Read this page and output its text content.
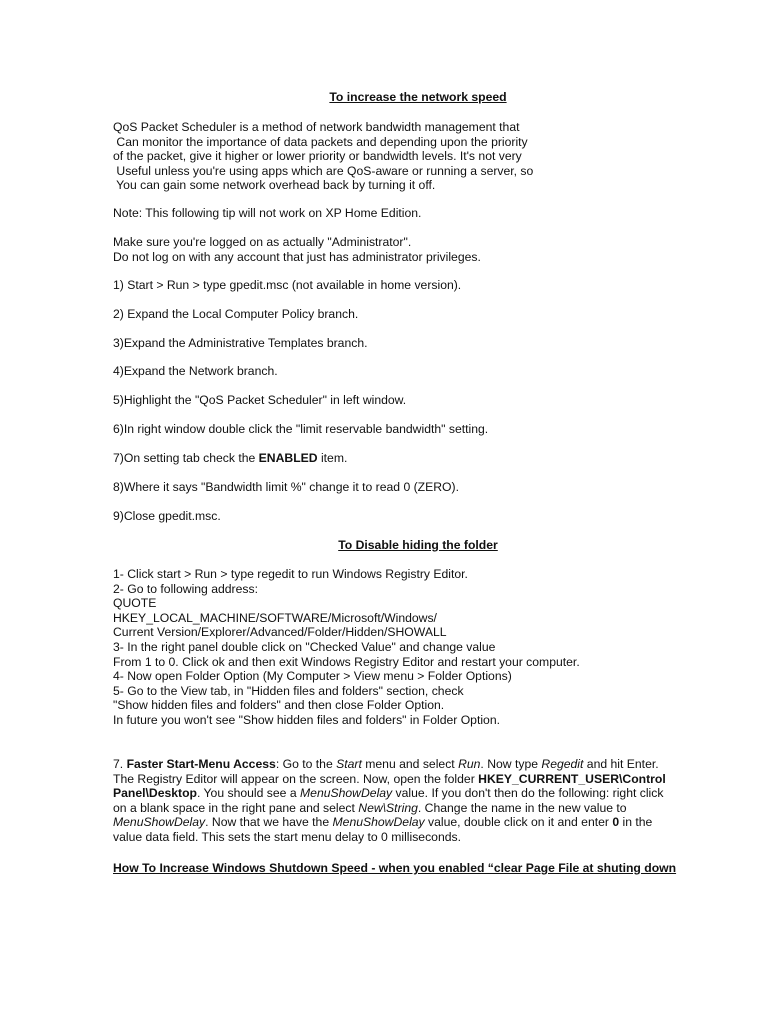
To increase the network speed
QoS Packet Scheduler is a method of network bandwidth management that
Can monitor the importance of data packets and depending upon the priority
of the packet, give it higher or lower priority or bandwidth levels. It's not very
Useful unless you're using apps which are QoS-aware or running a server, so
You can gain some network overhead back by turning it off.
Note: This following tip will not work on XP Home Edition.
Make sure you're logged on as actually "Administrator".
Do not log on with any account that just has administrator privileges.
1) Start > Run > type gpedit.msc (not available in home version).
2) Expand the Local Computer Policy branch.
3)Expand the Administrative Templates branch.
4)Expand the Network branch.
5)Highlight the "QoS Packet Scheduler" in left window.
6)In right window double click the "limit reservable bandwidth" setting.
7)On setting tab check the ENABLED item.
8)Where it says "Bandwidth limit %" change it to read 0 (ZERO).
9)Close gpedit.msc.
To Disable hiding the folder
1- Click start > Run > type regedit to run Windows Registry Editor.
2- Go to following address:
QUOTE
HKEY_LOCAL_MACHINE/SOFTWARE/Microsoft/Windows/
Current Version/Explorer/Advanced/Folder/Hidden/SHOWALL
3- In the right panel double click on "Checked Value" and change value
From 1 to 0. Click ok and then exit Windows Registry Editor and restart your computer.
4- Now open Folder Option (My Computer > View menu > Folder Options)
5- Go to the View tab, in "Hidden files and folders" section, check
"Show hidden files and folders" and then close Folder Option.
In future you won't see "Show hidden files and folders" in Folder Option.
7. Faster Start-Menu Access: Go to the Start menu and select Run. Now type Regedit and hit Enter.
The Registry Editor will appear on the screen. Now, open the folder HKEY_CURRENT_USER\Control
Panel\Desktop. You should see a MenuShowDelay value. If you don't then do the following: right click
on a blank space in the right pane and select New\String. Change the name in the new value to
MenuShowDelay. Now that we have the MenuShowDelay value, double click on it and enter 0 in the
value data field. This sets the start menu delay to 0 milliseconds.
How To Increase Windows Shutdown Speed - when you enabled “clear Page File at shuting down
